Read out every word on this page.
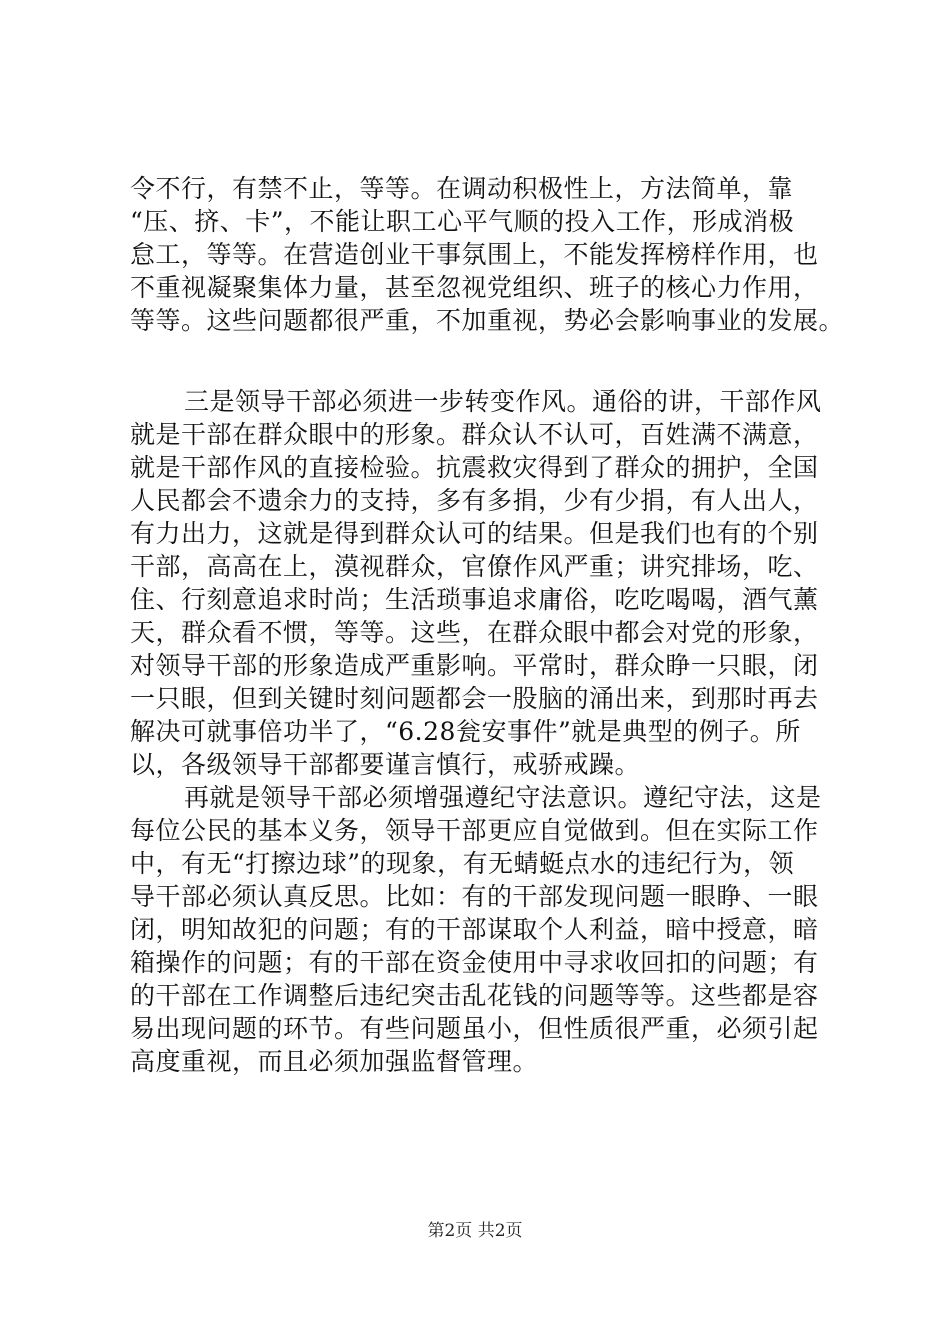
令不行，有禁不止，等等。在调动积极性上，方法简单，靠
“压、挤、卡”，不能让职工心平气顺的投入工作，形成消极
怠工，等等。在营造创业干事氛围上，不能发挥榜样作用，也
不重视凝聚集体力量，甚至忽视党组织、班子的核心力作用，
等等。这些问题都很严重，不加重视，势必会影响事业的发展。
三是领导干部必须进一步转变作风。通俗的讲，干部作风
就是干部在群众眼中的形象。群众认不认可，百姓满不满意，
就是干部作风的直接检验。抗震救灾得到了群众的拥护，全国
人民都会不遗余力的支持，多有多捐，少有少捐，有人出人，
有力出力，这就是得到群众认可的结果。但是我们也有的个别
干部，高高在上，漠视群众，官僚作风严重；讲究排场，吃、
住、行刻意追求时尚；生活琐事追求庸俗，吃吃喝喝，酒气薰
天，群众看不惯，等等。这些，在群众眼中都会对党的形象，
对领导干部的形象造成严重影响。平常时，群众睁一只眼，闭
一只眼，但到关键时刻问题都会一股脑的涌出来，到那时再去
解决可就事倍功半了，“6.28瓮安事件”就是典型的例子。所
以，各级领导干部都要谨言慎行，戒骄戒躁。
再就是领导干部必须增强遵纪守法意识。遵纪守法，这是
每位公民的基本义务，领导干部更应自觉做到。但在实际工作
中，有无“打擦边球”的现象，有无蜻蜓点水的违纪行为，领
导干部必须认真反思。比如：有的干部发现问题一眼睁、一眼
闭，明知故犯的问题；有的干部谋取个人利益，暗中授意，暗
箱操作的问题；有的干部在资金使用中寻求收回扣的问题；有
的干部在工作调整后违纪突击乱花钱的问题等等。这些都是容
易出现问题的环节。有些问题虽小，但性质很严重，必须引起
高度重视，而且必须加强监督管理。
第2页 共2页
